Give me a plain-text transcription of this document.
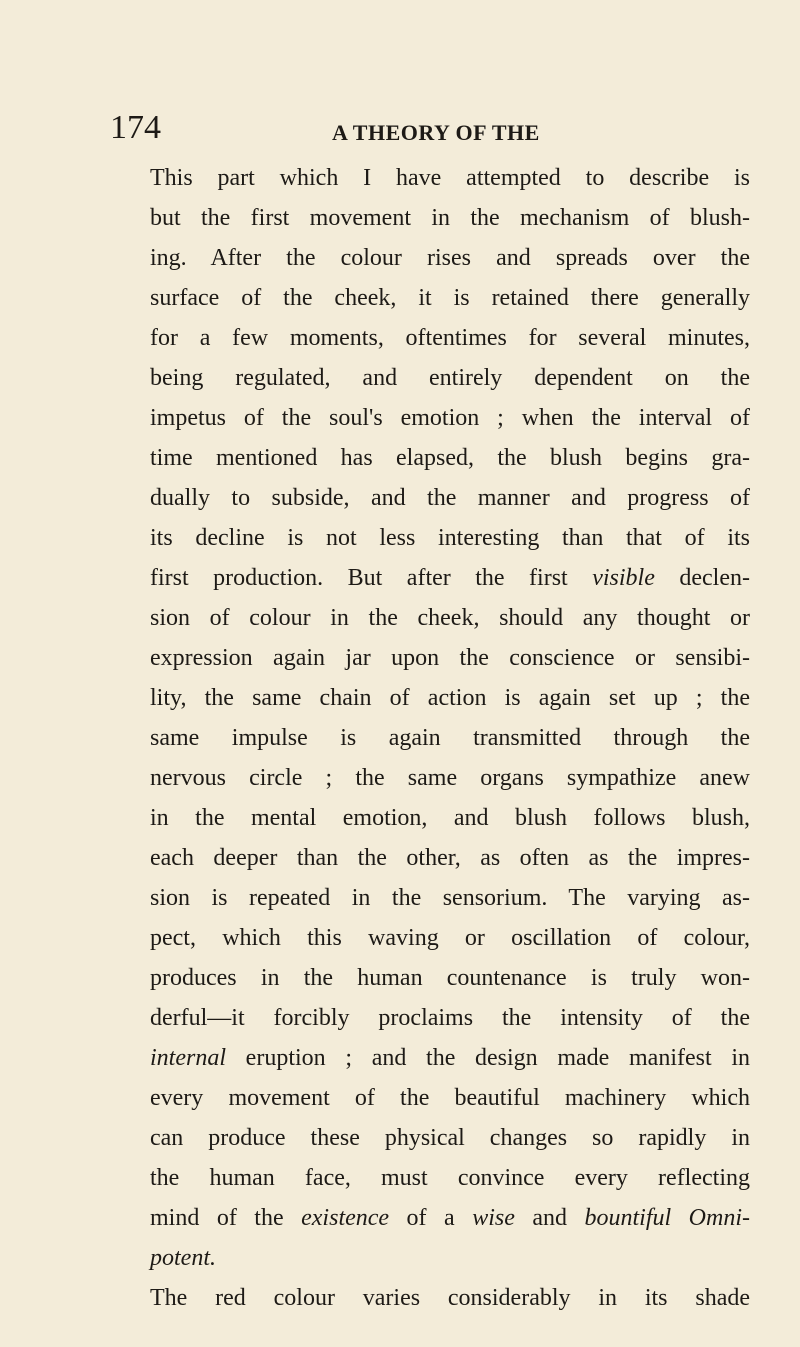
174	A THEORY OF THE
This part which I have attempted to describe is
but the first movement in the mechanism of blush-
ing. After the colour rises and spreads over the
surface of the cheek, it is retained there generally
for a few moments, oftentimes for several minutes,
being regulated, and entirely dependent on the
impetus of the soul's emotion ; when the interval of
time mentioned has elapsed, the blush begins gra-
dually to subside, and the manner and progress of
its decline is not less interesting than that of its
first production. But after the first visible declen-
sion of colour in the cheek, should any thought or
expression again jar upon the conscience or sensibi-
lity, the same chain of action is again set up ; the
same impulse is again transmitted through the
nervous circle ; the same organs sympathize anew
in the mental emotion, and blush follows blush,
each deeper than the other, as often as the impres-
sion is repeated in the sensorium. The varying as-
pect, which this waving or oscillation of colour,
produces in the human countenance is truly won-
derful—it forcibly proclaims the intensity of the
internal eruption ; and the design made manifest in
every movement of the beautiful machinery which
can produce these physical changes so rapidly in
the human face, must convince every reflecting
mind of the existence of a wise and bountiful Omni-
potent.
The red colour varies considerably in its shade
